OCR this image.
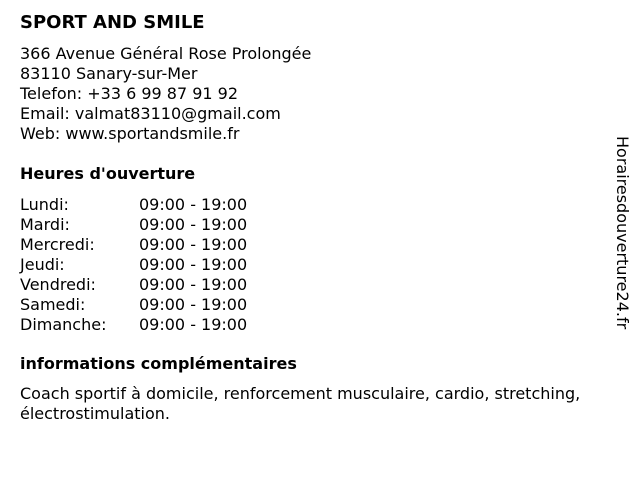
SPORT AND SMILE
366 Avenue Général Rose Prolongée
83110 Sanary-sur-Mer
Telefon: +33 6 99 87 91 92
Email: valmat83110@gmail.com
Web: www.sportandsmile.fr
Heures d'ouverture
Lundi:	09:00 - 19:00
Mardi:	09:00 - 19:00
Mercredi:	09:00 - 19:00
Jeudi:	09:00 - 19:00
Vendredi:	09:00 - 19:00
Samedi:	09:00 - 19:00
Dimanche:	09:00 - 19:00
informations complémentaires
Coach sportif à domicile, renforcement musculaire, cardio, stretching, électrostimulation.
Horairesdouverture24.fr
